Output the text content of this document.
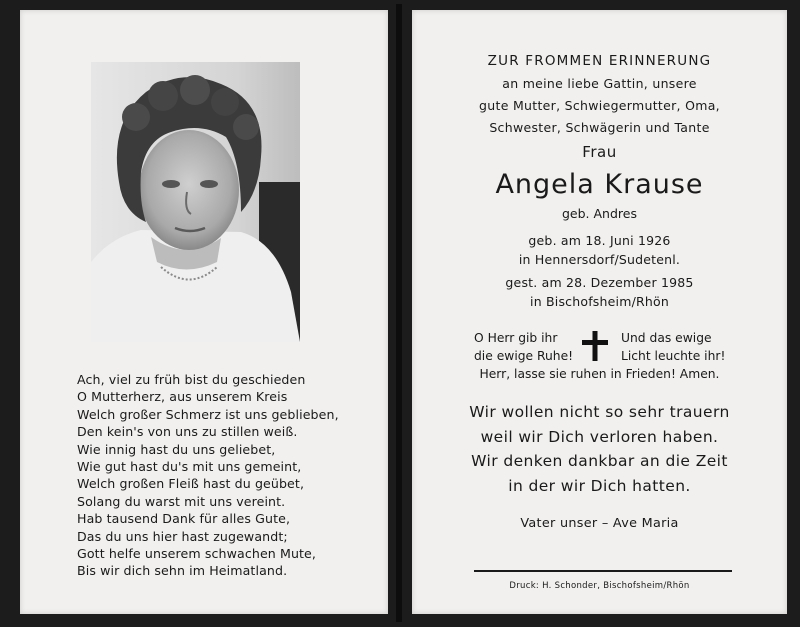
Ach, viel zu früh bist du geschieden
O Mutterherz, aus unserem Kreis
Welch großer Schmerz ist uns geblieben,
Den kein's von uns zu stillen weiß.
Wie innig hast du uns geliebet,
Wie gut hast du's mit uns gemeint,
Welch großen Fleiß hast du geübet,
Solang du warst mit uns vereint.
Hab tausend Dank für alles Gute,
Das du uns hier hast zugewandt;
Gott helfe unserem schwachen Mute,
Bis wir dich sehn im Heimatland.
ZUR FROMMEN ERINNERUNG
an meine liebe Gattin, unsere
gute Mutter, Schwiegermutter, Oma,
Schwester, Schwägerin und Tante
Frau
Angela Krause
geb. Andres
geb. am 18. Juni 1926
in Hennersdorf/Sudetenl.
gest. am 28. Dezember 1985
in Bischofsheim/Rhön
O Herr gib ihr
die ewige Ruhe!
Und das ewige
Licht leuchte ihr!
Herr, lasse sie ruhen in Frieden! Amen.
Wir wollen nicht so sehr trauern
weil wir Dich verloren haben.
Wir denken dankbar an die Zeit
in der wir Dich hatten.
Vater unser – Ave Maria
Druck: H. Schonder, Bischofsheim/Rhön
